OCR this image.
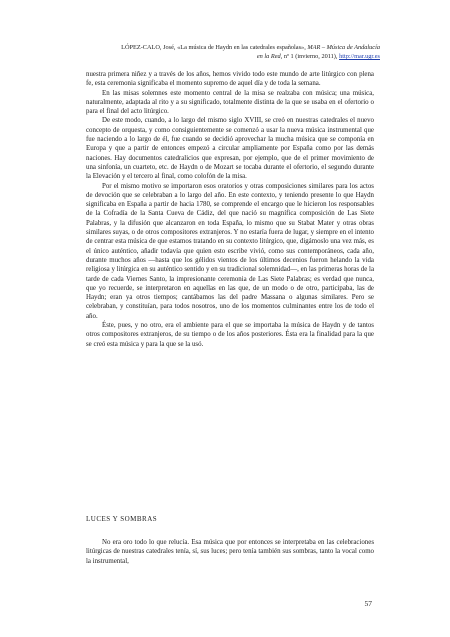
LÓPEZ-CALO, José, «La música de Haydn en las catedrales españolas», MAR – Música de Andalucía
en la Red, nº 1 (invierno, 2011), http://mar.ugr.es

nuestra primera niñez y a través de los años, hemos vivido todo este mundo de arte litúrgico con plena fe, esta ceremonia significaba el momento supremo de aquel día y de toda la semana.

En las misas solemnes este momento central de la misa se realzaba con música; una música, naturalmente, adaptada al rito y a su significado, totalmente distinta de la que se usaba en el ofertorio o para el final del acto litúrgico.

De este modo, cuando, a lo largo del mismo siglo XVIII, se creó en nuestras catedrales el nuevo concepto de orquesta, y como consiguientemente se comenzó a usar la nueva música instrumental que fue naciendo a lo largo de él, fue cuando se decidió aprovechar la mucha música que se componía en Europa y que a partir de entonces empezó a circular ampliamente por España como por las demás naciones. Hay documentos catedralicios que expresan, por ejemplo, que de el primer movimiento de una sinfonía, un cuarteto, etc. de Haydn o de Mozart se tocaba durante el ofertorio, el segundo durante la Elevación y el tercero al final, como colofón de la misa.

Por el mismo motivo se importaron esos oratorios y otras composiciones similares para los actos de devoción que se celebraban a lo largo del año. En este contexto, y teniendo presente lo que Haydn significaba en España a partir de hacia 1780, se comprende el encargo que le hicieron los responsables de la Cofradía de la Santa Cueva de Cádiz, del que nació su magnífica composición de Las Siete Palabras, y la difusión que alcanzaron en toda España, lo mismo que su Stabat Mater y otras obras similares suyas, o de otros compositores extranjeros. Y no estaría fuera de lugar, y siempre en el intento de centrar esta música de que estamos tratando en su contexto litúrgico, que, digámoslo una vez más, es el único auténtico, añadir todavía que quien esto escribe vivió, como sus contemporáneos, cada año, durante muchos años —hasta que los gélidos vientos de los últimos decenios fueron helando la vida religiosa y litúrgica en su auténtico sentido y en su tradicional solemnidad—, en las primeras horas de la tarde de cada Viernes Santo, la impresionante ceremonia de Las Siete Palabras; es verdad que nunca, que yo recuerde, se interpretaron en aquellas en las que, de un modo o de otro, participaba, las de Haydn; eran ya otros tiempos; cantábamos las del padre Massana o algunas similares. Pero se celebraban, y constituían, para todos nosotros, uno de los momentos culminantes entre los de todo el año.

Éste, pues, y no otro, era el ambiente para el que se importaba la música de Haydn y de tantos otros compositores extranjeros, de su tiempo o de los años posteriores. Ésta era la finalidad para la que se creó esta música y para la que se la usó.

LUCES Y SOMBRAS

No era oro todo lo que relucía. Esa música que por entonces se interpretaba en las celebraciones litúrgicas de nuestras catedrales tenía, sí, sus luces; pero tenía también sus sombras, tanto la vocal como la instrumental,

57
